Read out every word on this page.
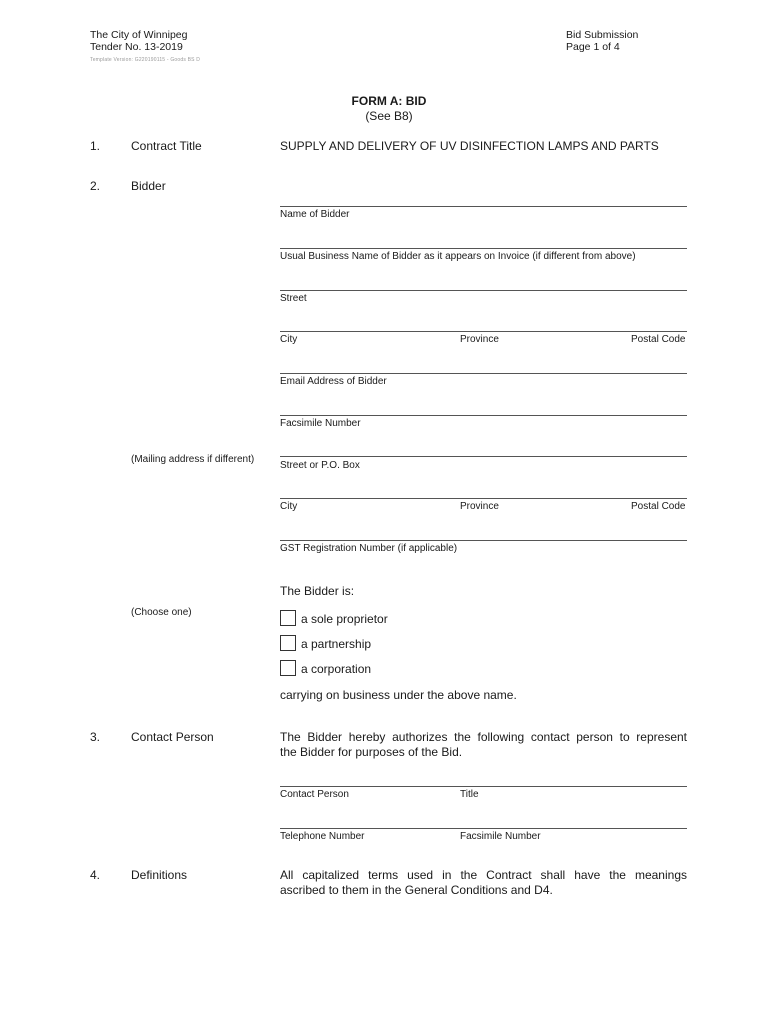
The City of Winnipeg
Tender No. 13-2019
Template Version: G220190115 - Goods BS D
Bid Submission
Page 1 of 4
FORM A: BID
(See B8)
1.	Contract Title	SUPPLY AND DELIVERY OF UV DISINFECTION LAMPS AND PARTS
2.	Bidder
Name of Bidder
Usual Business Name of Bidder as it appears on Invoice (if different from above)
Street
City	Province	Postal Code
Email Address of Bidder
Facsimile Number
(Mailing address if different)
Street or P.O. Box
City	Province	Postal Code
GST Registration Number (if applicable)
The Bidder is:
(Choose one)	a sole proprietor
a partnership
a corporation
carrying on business under the above name.
3.	Contact Person	The Bidder hereby authorizes the following contact person to represent
the Bidder for purposes of the Bid.
Contact Person	Title
Telephone Number	Facsimile Number
4.	Definitions	All capitalized terms used in the Contract shall have the meanings
ascribed to them in the General Conditions and D4.
